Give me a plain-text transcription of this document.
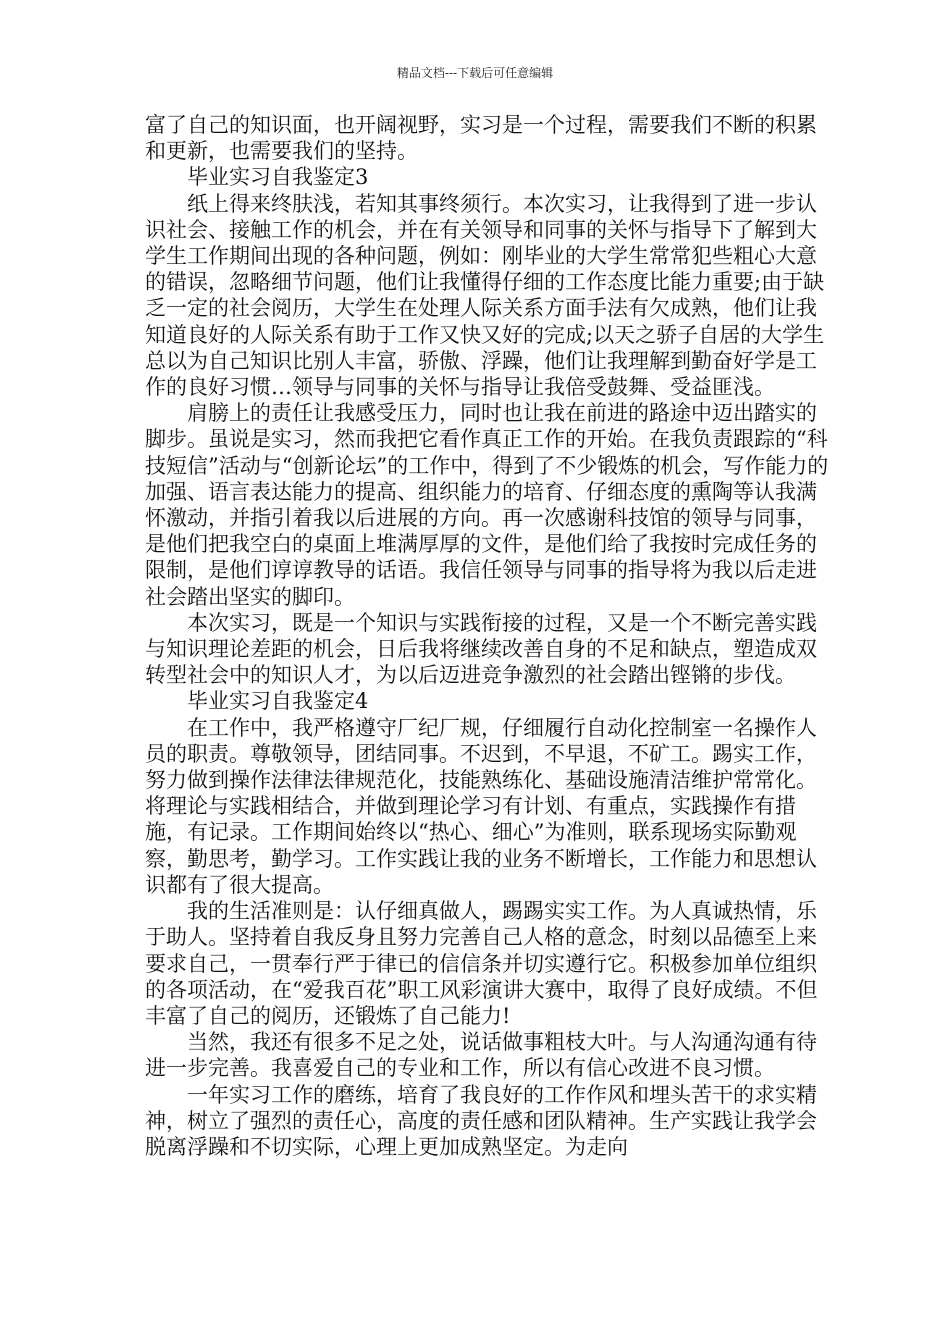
精品文档---下载后可任意编辑

富了自己的知识面，也开阔视野，实习是一个过程，需要我们不断的积累和更新，也需要我们的坚持。

毕业实习自我鉴定3

纸上得来终肤浅，若知其事终须行。本次实习，让我得到了进一步认识社会、接触工作的机会，并在有关领导和同事的关怀与指导下了解到大学生工作期间出现的各种问题，例如：刚毕业的大学生常常犯些粗心大意的错误，忽略细节问题，他们让我懂得仔细的工作态度比能力重要;由于缺乏一定的社会阅历，大学生在处理人际关系方面手法有欠成熟，他们让我知道良好的人际关系有助于工作又快又好的完成;以天之骄子自居的大学生总以为自己知识比别人丰富，骄傲、浮躁，他们让我理解到勤奋好学是工作的良好习惯…领导与同事的关怀与指导让我倍受鼓舞、受益匪浅。

肩膀上的责任让我感受压力，同时也让我在前进的路途中迈出踏实的脚步。虽说是实习，然而我把它看作真正工作的开始。在我负责跟踪的“科技短信”活动与“创新论坛”的工作中，得到了不少锻炼的机会，写作能力的加强、语言表达能力的提高、组织能力的培育、仔细态度的熏陶等认我满怀激动，并指引着我以后进展的方向。再一次感谢科技馆的领导与同事，是他们把我空白的桌面上堆满厚厚的文件，是他们给了我按时完成任务的限制，是他们谆谆教导的话语。我信任领导与同事的指导将为我以后走进社会踏出坚实的脚印。

本次实习，既是一个知识与实践衔接的过程，又是一个不断完善实践与知识理论差距的机会，日后我将继续改善自身的不足和缺点，塑造成双转型社会中的知识人才，为以后迈进竞争激烈的社会踏出铿锵的步伐。

毕业实习自我鉴定4

在工作中，我严格遵守厂纪厂规，仔细履行自动化控制室一名操作人员的职责。尊敬领导，团结同事。不迟到，不早退，不矿工。踢实工作，努力做到操作法律法律规范化，技能熟练化、基础设施清洁维护常常化。将理论与实践相结合，并做到理论学习有计划、有重点，实践操作有措施，有记录。工作期间始终以“热心、细心”为准则，联系现场实际勤观察，勤思考，勤学习。工作实践让我的业务不断增长，工作能力和思想认识都有了很大提高。

我的生活准则是：认仔细真做人，踢踢实实工作。为人真诚热情，乐于助人。坚持着自我反身且努力完善自己人格的意念，时刻以品德至上来要求自己，一贯奉行严于律已的信信条并切实遵行它。积极参加单位组织的各项活动，在“爱我百花”职工风彩演讲大赛中，取得了良好成绩。不但丰富了自己的阅历，还锻炼了自己能力!

当然，我还有很多不足之处，说话做事粗枝大叶。与人沟通沟通有待进一步完善。我喜爱自己的专业和工作，所以有信心改进不良习惯。

一年实习工作的磨练，培育了我良好的工作作风和埋头苦干的求实精神，树立了强烈的责任心，高度的责任感和团队精神。生产实践让我学会脱离浮躁和不切实际，心理上更加成熟坚定。为走向
